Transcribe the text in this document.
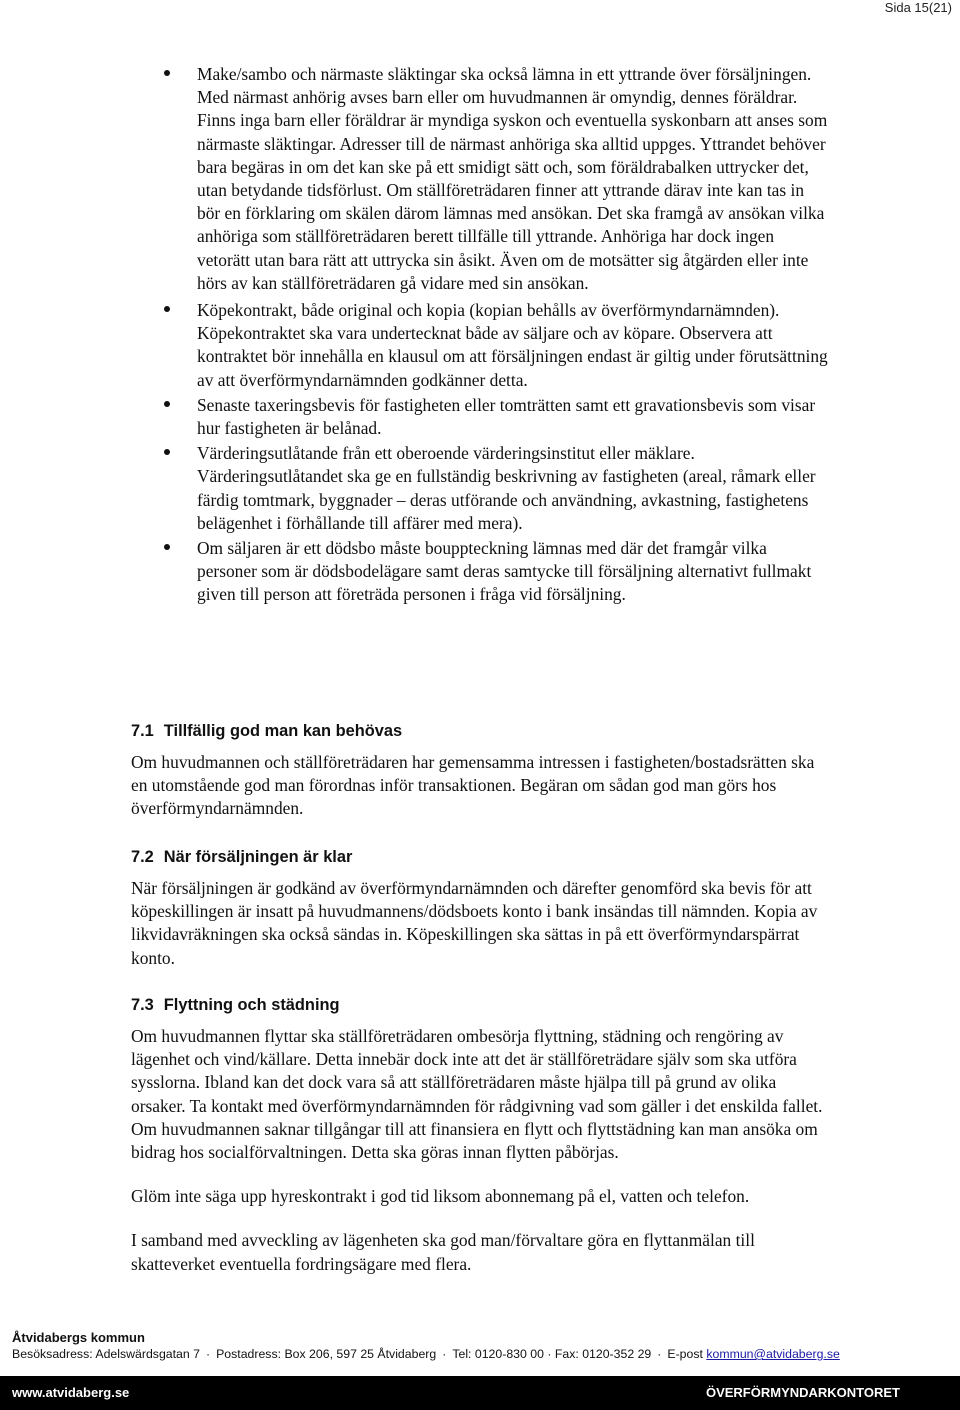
Sida 15(21)
Make/sambo och närmaste släktingar ska också lämna in ett yttrande över försäljningen. Med närmast anhörig avses barn eller om huvudmannen är omyndig, dennes föräldrar. Finns inga barn eller föräldrar är myndiga syskon och eventuella syskonbarn att anses som närmaste släktingar. Adresser till de närmast anhöriga ska alltid uppges. Yttrandet behöver bara begäras in om det kan ske på ett smidigt sätt och, som föräldrabalken uttrycker det, utan betydande tidsförlust. Om ställföreträdaren finner att yttrande därav inte kan tas in bör en förklaring om skälen därom lämnas med ansökan. Det ska framgå av ansökan vilka anhöriga som ställföreträdaren berett tillfälle till yttrande. Anhöriga har dock ingen vetorätt utan bara rätt att uttrycka sin åsikt. Även om de motsätter sig åtgärden eller inte hörs av kan ställföreträdaren gå vidare med sin ansökan.
Köpekontrakt, både original och kopia (kopian behålls av överförmyndarnämnden). Köpekontraktet ska vara undertecknat både av säljare och av köpare. Observera att kontraktet bör innehålla en klausul om att försäljningen endast är giltig under förutsättning av att överförmyndarnämnden godkänner detta.
Senaste taxeringsbevis för fastigheten eller tomträtten samt ett gravationsbevis som visar hur fastigheten är belånad.
Värderingsutlåtande från ett oberoende värderingsinstitut eller mäklare. Värderingsutlåtandet ska ge en fullständig beskrivning av fastigheten (areal, råmark eller färdig tomtmark, byggnader – deras utförande och användning, avkastning, fastighetens belägenhet i förhållande till affärer med mera).
Om säljaren är ett dödsbo måste bouppteckning lämnas med där det framgår vilka personer som är dödsbodelägare samt deras samtycke till försäljning alternativt fullmakt given till person att företräda personen i fråga vid försäljning.
7.1 Tillfällig god man kan behövas

Om huvudmannen och ställföreträdaren har gemensamma intressen i fastigheten/bostadsrätten ska en utomstående god man förordnas inför transaktionen. Begäran om sådan god man görs hos överförmyndarnämnden.

7.2 När försäljningen är klar

När försäljningen är godkänd av överförmyndarnämnden och därefter genomförd ska bevis för att köpeskillingen är insatt på huvudmannens/dödsboets konto i bank insändas till nämnden. Kopia av likvidavräkningen ska också sändas in. Köpeskillingen ska sättas in på ett överförmyndarspärrat konto.

7.3 Flyttning och städning

Om huvudmannen flyttar ska ställföreträdaren ombesörja flyttning, städning och rengöring av lägenhet och vind/källare. Detta innebär dock inte att det är ställföreträdare själv som ska utföra sysslorna. Ibland kan det dock vara så att ställföreträdaren måste hjälpa till på grund av olika orsaker. Ta kontakt med överförmyndarnämnden för rådgivning vad som gäller i det enskilda fallet. Om huvudmannen saknar tillgångar till att finansiera en flytt och flyttstädning kan man ansöka om bidrag hos socialförvaltningen. Detta ska göras innan flytten påbörjas.

Glöm inte säga upp hyreskontrakt i god tid liksom abonnemang på el, vatten och telefon.

I samband med avveckling av lägenheten ska god man/förvaltare göra en flyttanmälan till skatteverket eventuella fordringsägare med flera.

Åtvidabergs kommun
Besöksadress: Adelswärdsgatan 7 · Postadress: Box 206, 597 25 Åtvidaberg · Tel: 0120-830 00 · Fax: 0120-352 29 · E-post kommun@atvidaberg.se
www.atvidaberg.se	ÖVERFÖRMYNDARKONTORET
